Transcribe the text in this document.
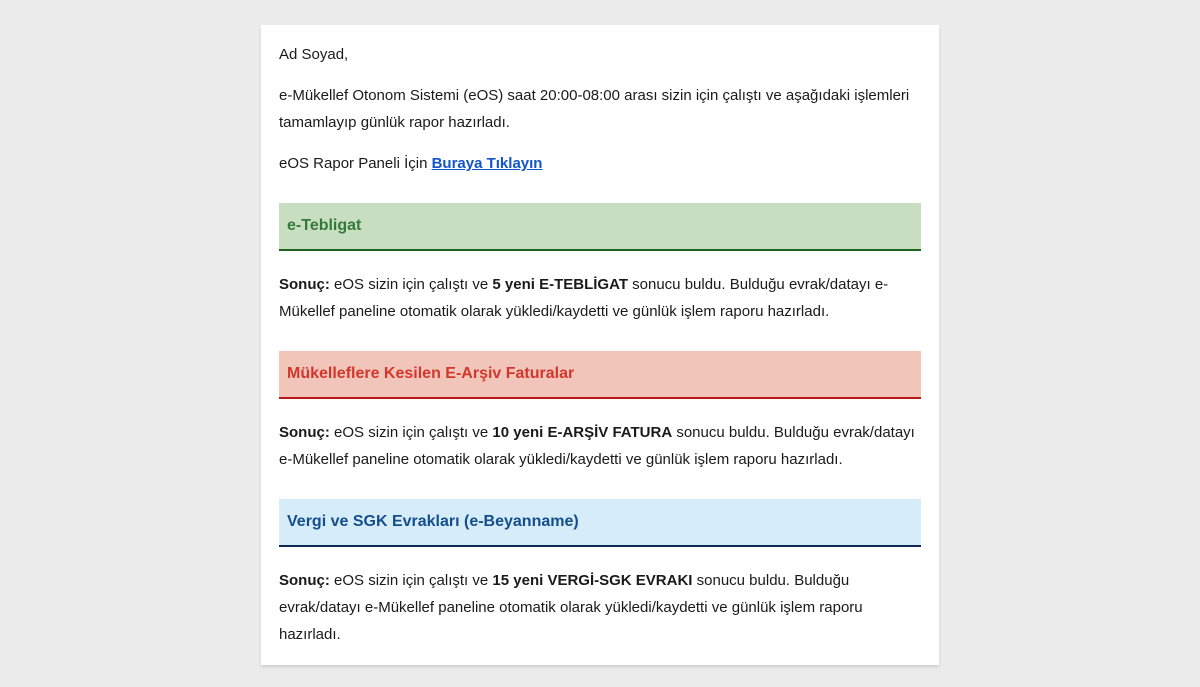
Ad Soyad,

e-Mükellef Otonom Sistemi (eOS) saat 20:00-08:00 arası sizin için çalıştı ve aşağıdaki işlemleri tamamlayıp günlük rapor hazırladı.

eOS Rapor Paneli İçin Buraya Tıklayın

e-Tebligat

Sonuç: eOS sizin için çalıştı ve 5 yeni E-TEBLİGAT sonucu buldu. Bulduğu evrak/datayı e-Mükellef paneline otomatik olarak yükledi/kaydetti ve günlük işlem raporu hazırladı.

Mükelleflere Kesilen E-Arşiv Faturalar

Sonuç: eOS sizin için çalıştı ve 10 yeni E-ARŞİV FATURA sonucu buldu. Bulduğu evrak/datayı e-Mükellef paneline otomatik olarak yükledi/kaydetti ve günlük işlem raporu hazırladı.

Vergi ve SGK Evrakları (e-Beyanname)

Sonuç: eOS sizin için çalıştı ve 15 yeni VERGİ-SGK EVRAKI sonucu buldu. Bulduğu evrak/datayı e-Mükellef paneline otomatik olarak yükledi/kaydetti ve günlük işlem raporu hazırladı.
